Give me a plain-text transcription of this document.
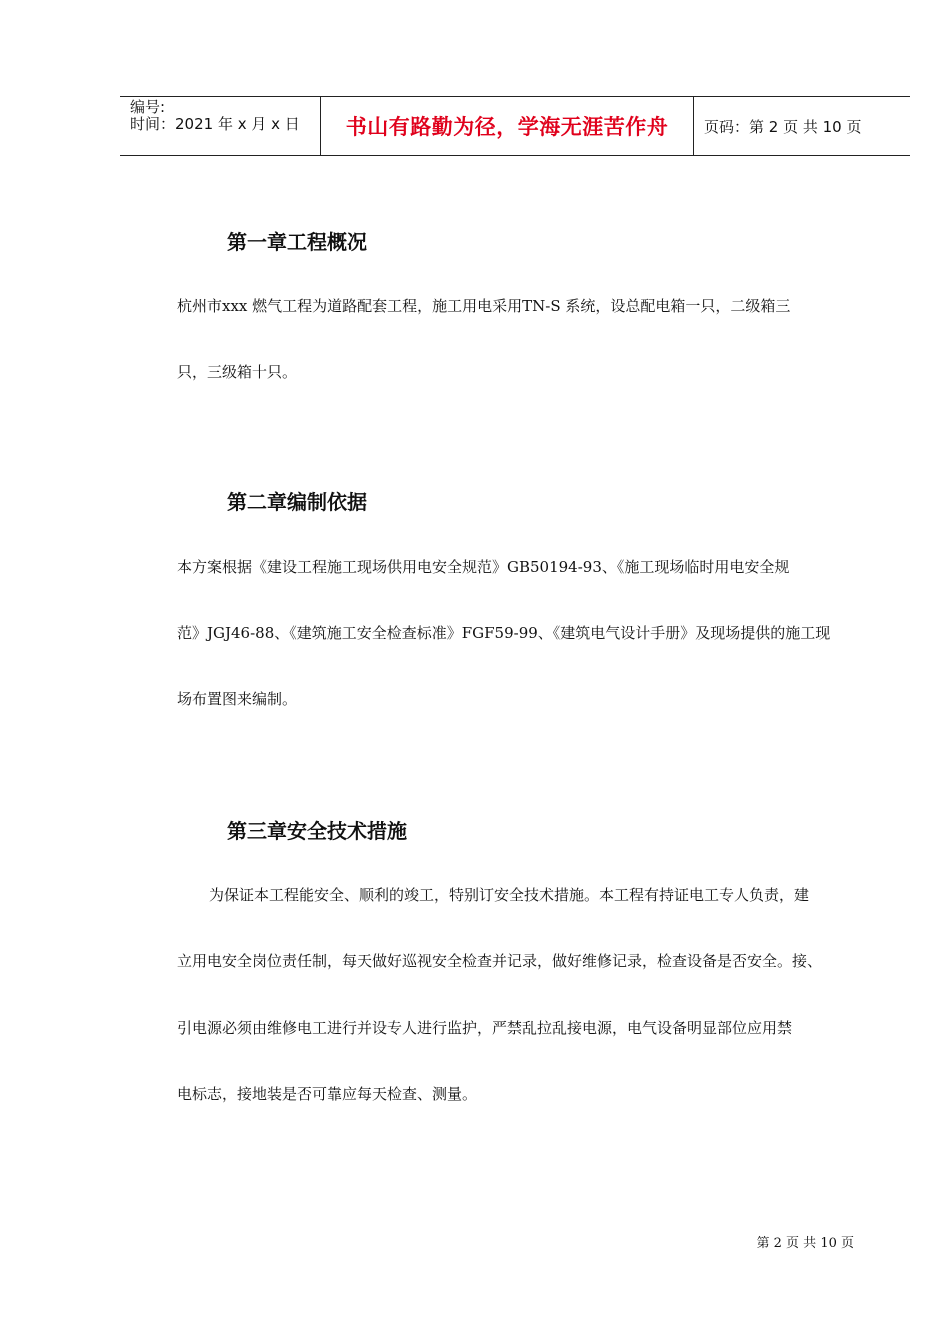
编号:
时间：2021 年 x 月 x 日	书山有路勤为径，学海无涯苦作舟 页码：第 2 页 共 10 页
第一章工程概况

杭州市xxx 燃气工程为道路配套工程，施工用电采用TN-S 系统，设总配电箱一只，二级箱三

只，三级箱十只。

第二章编制依据

本方案根据《建设工程施工现场供用电安全规范》GB50194-93、《施工现场临时用电安全规

范》JGJ46-88、《建筑施工安全检查标准》FGF59-99、《建筑电气设计手册》及现场提供的施工现

场布置图来编制。

第三章安全技术措施

为保证本工程能安全、顺利的竣工，特别订安全技术措施。本工程有持证电工专人负责，建

立用电安全岗位责任制，每天做好巡视安全检查并记录，做好维修记录，检查设备是否安全。接、

引电源必须由维修电工进行并设专人进行监护，严禁乱拉乱接电源，电气设备明显部位应用禁

电标志，接地装是否可靠应每天检查、测量。

第 2 页 共 10 页
